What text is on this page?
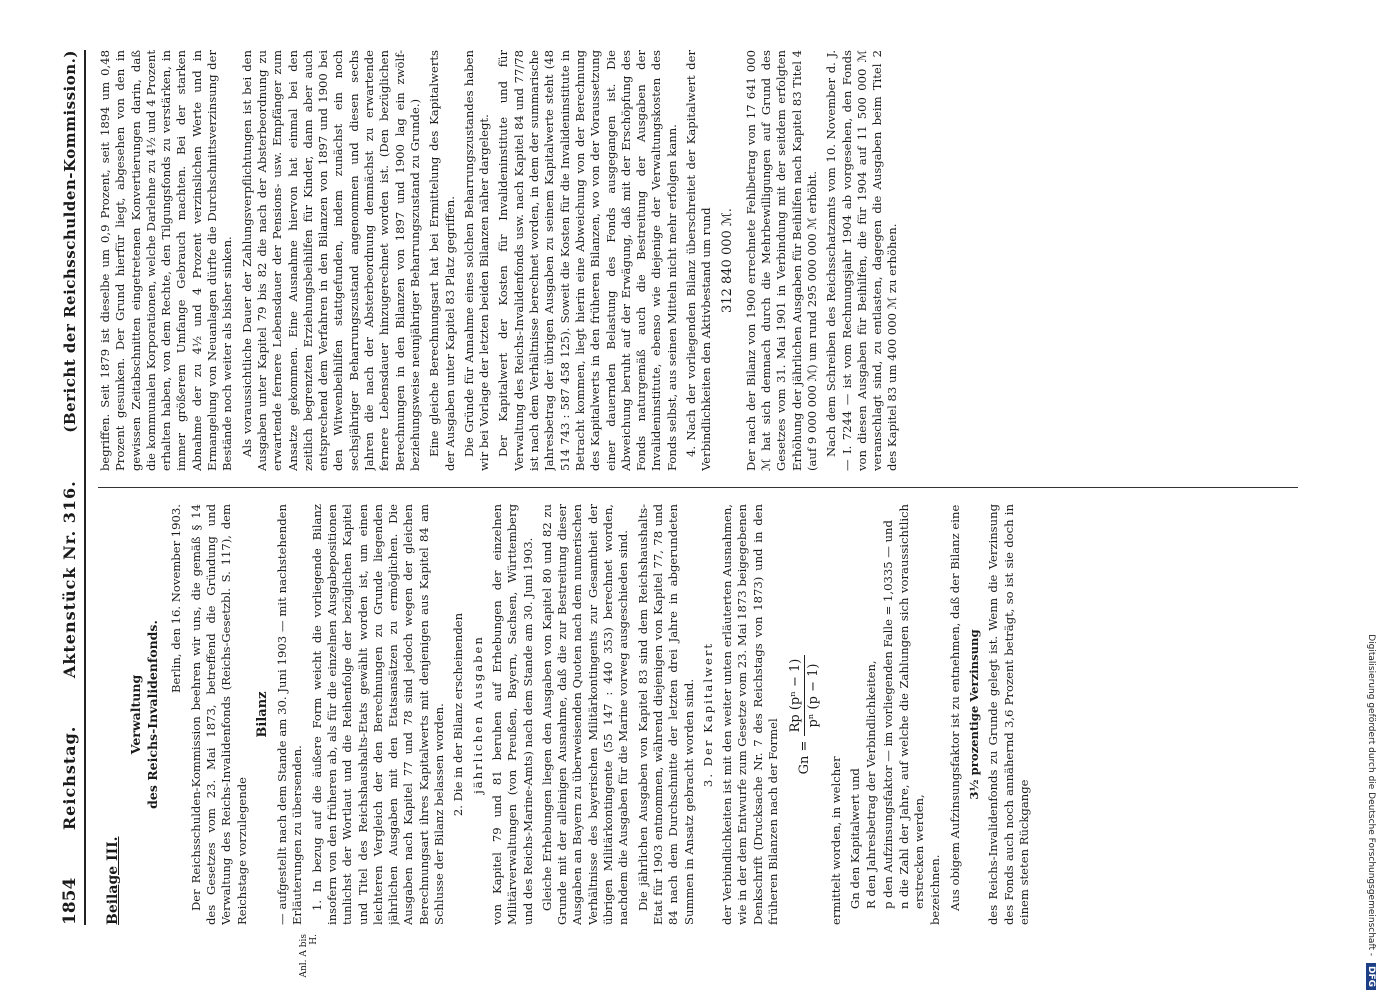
1854
Reichstag.
Aktenstück Nr. 316.
(Bericht der Reichsschulden-Kommission.)
Beilage III.
Verwaltung des Reichs-Invalidenfonds.

Berlin, den 16. November 1903. Der Reichsschulden-Kommission beehren wir uns, die gemäß § 14 des Gesetzes vom 23. Mai 1873, betreffend die Gründung und Verwaltung des Reichs-Invalidenfonds (Reichs-Gesetzbl. S. 117), dem Reichstage vorzulegende

Bilanz

Anl. A bis H.

— aufgestellt nach dem Stande am 30. Juni 1903 — mit nachstehenden Erläuterungen zu übersenden. 1. In bezug auf die äußere Form weicht die vorliegende Bilanz insofern von den früheren ab, als für die einzelnen Ausgabepositionen tunlichst der Wortlaut und die Reihenfolge der bezüglichen Kapitel und Titel des Reichshaushalts-Etats gewählt worden ist, um einen leichteren Vergleich der den Berechnungen zu Grunde liegenden jährlichen Ausgaben mit den Etatsansätzen zu ermöglichen. Die Ausgaben nach Kapitel 77 und 78 sind jedoch wegen der gleichen Berechnungsart ihres Kapitalwerts mit denjenigen aus Kapitel 84 am Schlusse der Bilanz belassen worden. 2. Die in der Bilanz erscheinenden jährlichen Ausgaben von Kapitel 79 und 81 beruhen auf Erhebungen der einzelnen Militärverwaltungen (von Preußen, Bayern, Sachsen, Württemberg und des Reichs-Marine-Amts) nach dem Stande am 30. Juni 1903. Gleiche Erhebungen liegen den Ausgaben von Kapitel 80 und 82 zu Grunde mit der alleinigen Ausnahme, daß die zur Bestreitung dieser Ausgaben an Bayern zu überweisenden Quoten nach dem numerischen Verhältnisse des bayerischen Militärkontingents zur Gesamtheit der übrigen Militärkontingente (55 147 : 440 353) berechnet worden, nachdem die Ausgaben für die Marine vorweg ausgeschieden sind. Die jährlichen Ausgaben von Kapitel 83 sind dem Reichshaushalts-Etat für 1903 entnommen, während diejenigen von Kapitel 77, 78 und 84 nach dem Durchschnitte der letzten drei Jahre in abgerundeten Summen in Ansatz gebracht worden sind. 3. Der Kapitalwert der Verbindlichkeiten ist mit den weiter unten erläuterten Ausnahmen, wie in der dem Entwurfe zum Gesetze vom 23. Mai 1873 beigegebenen Denkschrift (Drucksache Nr. 7 des Reichstags von 1873) und in den früheren Bilanzen nach der Formel	Gn =
Rp (pⁿ − 1) pⁿ (p − 1)

ermittelt worden, in welcher Gn den Kapitalwert und R den Jahresbetrag der Verbindlichkeiten, p den Aufzinsungsfaktor — im vorliegenden Falle = 1,0335 — und n die Zahl der Jahre, auf welche die Zahlungen sich voraussichtlich erstrecken werden, bezeichnen. Aus obigem Aufzinsungsfaktor ist zu entnehmen, daß der Bilanz eine 3½ prozentige Verzinsung des Reichs-Invalidenfonds zu Grunde gelegt ist. Wenn die Verzinsung des Fonds auch noch annähernd 3,6 Prozent beträgt, so ist sie doch in einem steten Rückgange

begriffen. Seit 1879 ist dieselbe um 0,9 Prozent, seit 1894 um 0,48 Prozent gesunken. Der Grund hierfür liegt, abgesehen von den in gewissen Zeitabschnitten eingetretenen Konvertierungen darin, daß die kommunalen Korporationen, welche Darlehne zu 4½ und 4 Prozent erhalten haben, von dem Rechte, den Tilgungsfonds zu verstärken, in immer größerem Umfange Gebrauch machten. Bei der starken Abnahme der zu 4½ und 4 Prozent verzinslichen Werte und in Ermangelung von Neuanlagen dürfte die Durchschnittsverzinsung der Bestände noch weiter als bisher sinken. Als voraussichtliche Dauer der Zahlungsverpflichtungen ist bei den Ausgaben unter Kapitel 79 bis 82 die nach der Absterbeordnung zu erwartende fernere Lebensdauer der Pensions- usw. Empfänger zum Ansatze gekommen. Eine Ausnahme hiervon hat einmal bei den zeitlich begrenzten Erziehungsbeihilfen für Kinder, dann aber auch entsprechend dem Verfahren in den Bilanzen von 1897 und 1900 bei den Witwenbeihilfen stattgefunden, indem zunächst ein noch sechsjähriger Beharrungszustand angenommen und diesen sechs Jahren die nach der Absterbeordnung demnächst zu erwartende fernere Lebensdauer hinzugerechnet worden ist. (Den bezüglichen Berechnungen in den Bilanzen von 1897 und 1900 lag ein zwölf- beziehungsweise neunjähriger Beharrungszustand zu Grunde.) Eine gleiche Berechnungsart hat bei Ermittelung des Kapitalwerts der Ausgaben unter Kapitel 83 Platz gegriffen. Die Gründe für Annahme eines solchen Beharrungszustandes haben wir bei Vorlage der letzten beiden Bilanzen näher dargelegt. Der Kapitalwert der Kosten für Invalideninstitute und für Verwaltung des Reichs-Invalidenfonds usw. nach Kapitel 84 und 77/78 ist nach dem Verhältnisse berechnet worden, in dem der summarische Jahresbetrag der übrigen Ausgaben zu seinem Kapitalwerte steht (48 514 743 : 587 458 125). Soweit die Kosten für die Invalideninstitute in Betracht kommen, liegt hierin eine Abweichung von der Berechnung des Kapitalwerts in den früheren Bilanzen, wo von der Voraussetzung einer dauernden Belastung des Fonds ausgegangen ist. Die Abweichung beruht auf der Erwägung, daß mit der Erschöpfung des Fonds naturgemäß auch die Bestreitung der Ausgaben der Invalideninstitute, ebenso wie diejenige der Verwaltungskosten des Fonds selbst, aus seinen Mitteln nicht mehr erfolgen kann. 4. Nach der vorliegenden Bilanz überschreitet der Kapitalwert der Verbindlichkeiten den Aktivbestand um rund 312 840 000 ℳ. Der nach der Bilanz von 1900 errechnete Fehlbetrag von 17 641 000 ℳ hat sich demnach durch die Mehrbewilligungen auf Grund des Gesetzes vom 31. Mai 1901 in Verbindung mit der seitdem erfolgten Erhöhung der jährlichen Ausgaben für Beihilfen nach Kapitel 83 Titel 4 (auf 9 000 000 ℳ) um rund 295 000 000 ℳ erhöht. Nach dem Schreiben des Reichsschatzamts vom 10. November d. J. — I. 7244 — ist vom Rechnungsjahr 1904 ab vorgesehen, den Fonds von diesen Ausgaben für Beihilfen, die für 1904 auf 11 500 000 ℳ veranschlagt sind, zu entlasten, dagegen die Ausgaben beim Titel 2 des Kapitel 83 um 400 000 ℳ zu erhöhen.

Digitalisierung gefördert durch die Deutsche Forschungsgemeinschaft - DFG
